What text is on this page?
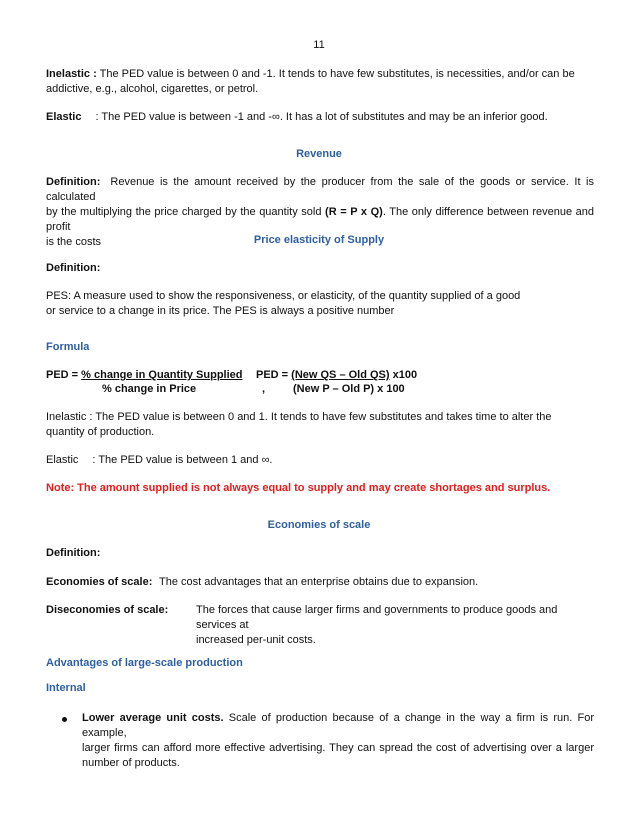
11
Inelastic : The PED value is between 0 and -1. It tends to have few substitutes, is necessities, and/or can be
addictive, e.g., alcohol, cigarettes, or petrol.
Elastic : The PED value is between -1 and -∞. It has a lot of substitutes and may be an inferior good.
Revenue
Definition: Revenue is the amount received by the producer from the sale of the goods or service. It is calculated
by the multiplying the price charged by the quantity sold (R = P x Q). The only difference between revenue and profit
is the costs	Price elasticity of Supply
Definition:
PES: A measure used to show the responsiveness, or elasticity, of the quantity supplied of a good
or service to a change in its price. The PES is always a positive number
Formula
PED = % change in Quantity Supplied
% change in Price
PED = (New QS – Old QS) x100
,	(New P – Old P) x 100
Inelastic : The PED value is between 0 and 1. It tends to have few substitutes and takes time to alter the
quantity of production.
Elastic : The PED value is between 1 and ∞.
Note: The amount supplied is not always equal to supply and may create shortages and surplus.
Economies of scale
Definition:
Economies of scale: The cost advantages that an enterprise obtains due to expansion.
Diseconomies of scale:	The forces that cause larger firms and governments to produce goods and services at
increased per-unit costs.
Advantages of large-scale production
Internal
Lower average unit costs. Scale of production because of a change in the way a firm is run. For example,
larger firms can afford more effective advertising. They can spread the cost of advertising over a larger
number of products.
